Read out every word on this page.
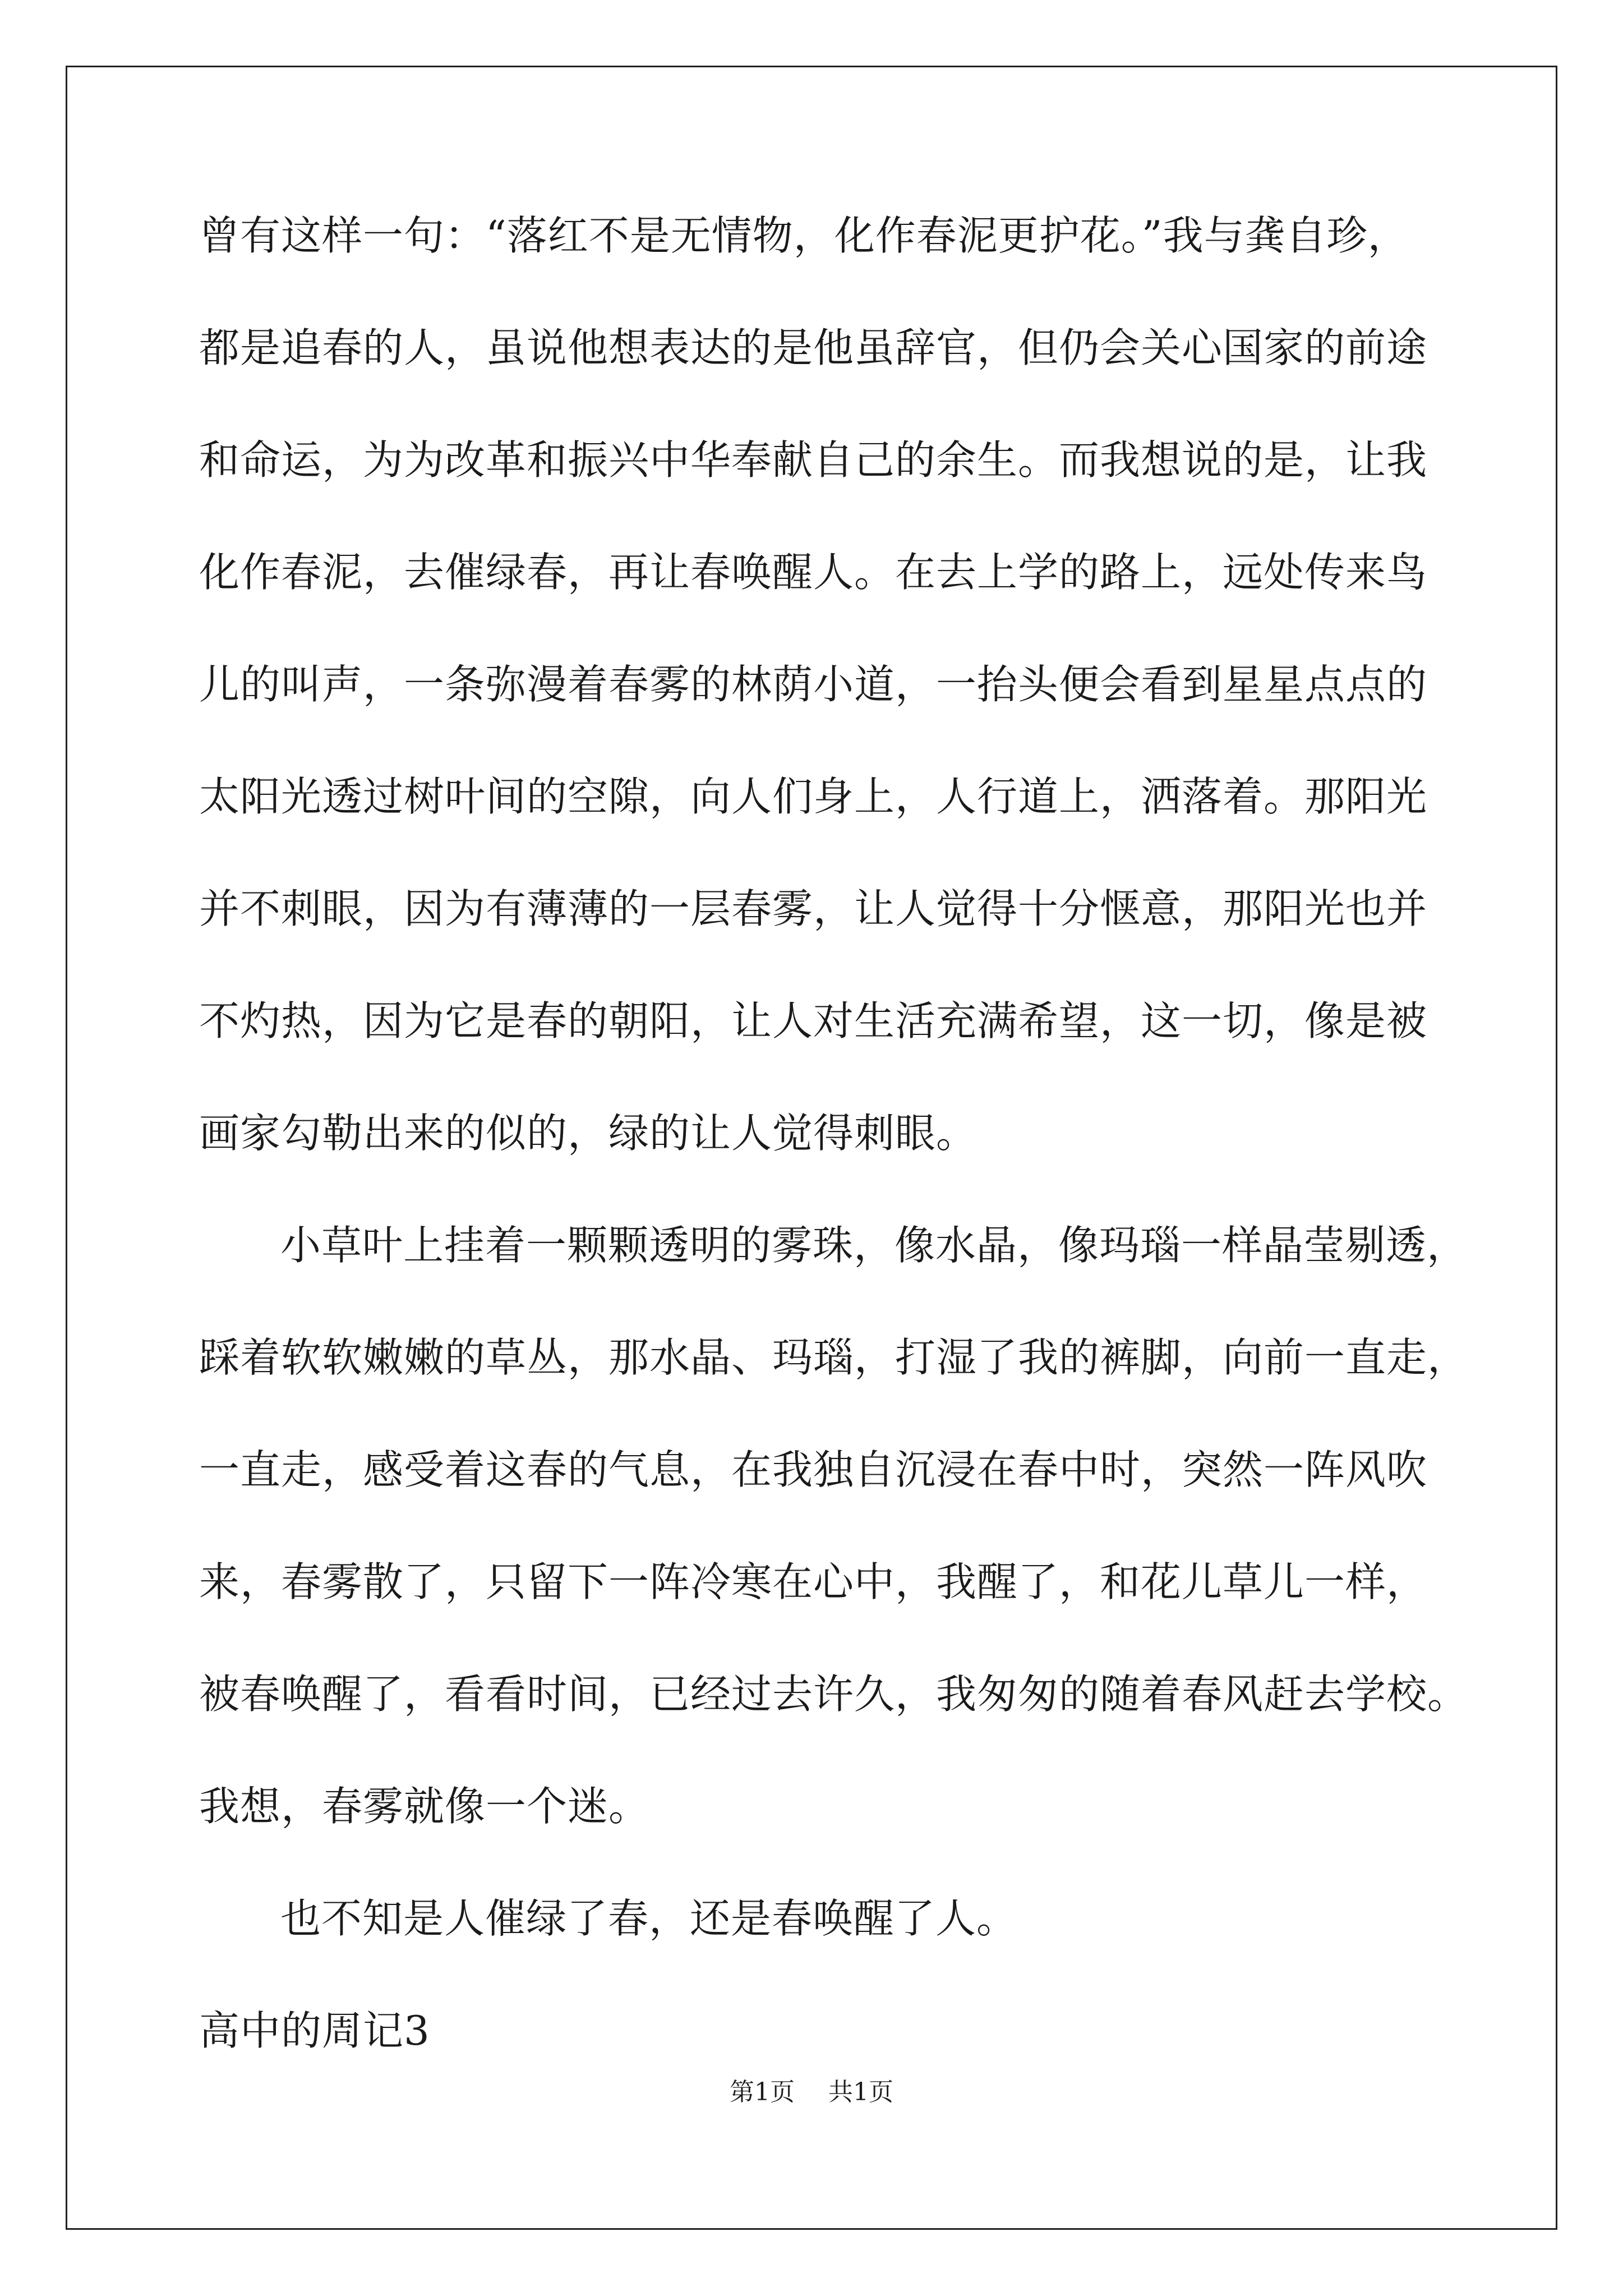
曾有这样一句：“落红不是无情物，化作春泥更护花。”我与龚自珍，
都是追春的人，虽说他想表达的是他虽辞官，但仍会关心国家的前途
和命运，为为改革和振兴中华奉献自己的余生。而我想说的是，让我
化作春泥，去催绿春，再让春唤醒人。在去上学的路上，远处传来鸟
儿的叫声，一条弥漫着春雾的林荫小道，一抬头便会看到星星点点的
太阳光透过树叶间的空隙，向人们身上，人行道上，洒落着。那阳光
并不刺眼，因为有薄薄的一层春雾，让人觉得十分惬意，那阳光也并
不灼热，因为它是春的朝阳，让人对生活充满希望，这一切，像是被
画家勾勒出来的似的，绿的让人觉得刺眼。
小草叶上挂着一颗颗透明的雾珠，像水晶，像玛瑙一样晶莹剔透，
踩着软软嫩嫩的草丛，那水晶、玛瑙，打湿了我的裤脚，向前一直走，
一直走，感受着这春的气息，在我独自沉浸在春中时，突然一阵风吹
来，春雾散了，只留下一阵冷寒在心中，我醒了，和花儿草儿一样，
被春唤醒了，看看时间，已经过去许久，我匆匆的随着春风赶去学校。
我想，春雾就像一个迷。
也不知是人催绿了春，还是春唤醒了人。
高中的周记3
第1页 共1页
